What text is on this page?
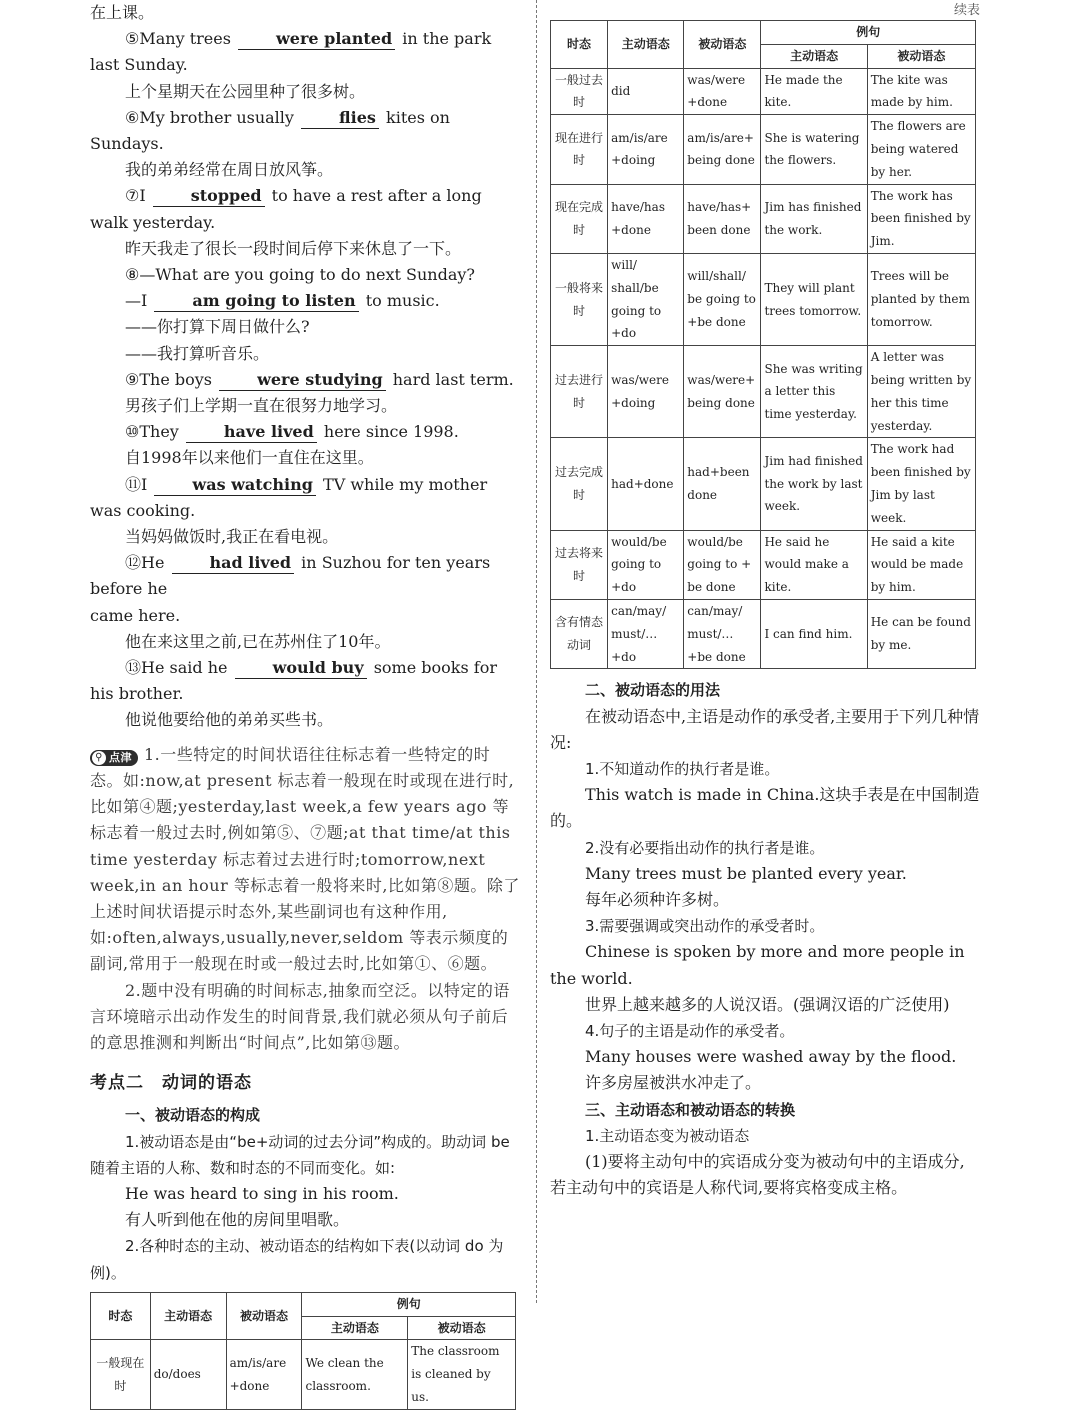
在上课。

⑤Many trees	were planted in the park last Sunday.

上个星期天在公园里种了很多树。

⑥My brother usually	flies kites on Sundays.

我的弟弟经常在周日放风筝。

⑦I	stopped to have a rest after a long walk yesterday.

昨天我走了很长一段时间后停下来休息了一下。

⑧—What are you going to do next Sunday?

—I	am going to listen to music.

——你打算下周日做什么?

——我打算听音乐。

⑨The boys	were studying hard last term.

男孩子们上学期一直在很努力地学习。

⑩They	have lived here since 1998.

自1998年以来他们一直住在这里。

⑪I	was watching TV while my mother was cooking.

当妈妈做饭时,我正在看电视。

⑫He	had lived in Suzhou for ten years before he

came here.

他在来这里之前,已在苏州住了10年。

⑬He said he	would buy some books for his brother.

他说他要给他的弟弟买些书。

⚲ 点津 1.一些特定的时间状语往往标志着一些特定的时态。如:now,at present 标志着一般现在时或现在进行时,比如第④题;yesterday,last week,a few years ago 等标志着一般过去时,例如第⑤、⑦题;at that time/at this time yesterday 标志着过去进行时;tomorrow,next week,in an hour 等标志着一般将来时,比如第⑧题。除了上述时间状语提示时态外,某些副词也有这种作用,如:often,always,usually,never,seldom 等表示频度的副词,常用于一般现在时或一般过去时,比如第①、⑥题。

2.题中没有明确的时间标志,抽象而空泛。以特定的语言环境暗示出动作发生的时间背景,我们就必须从句子前后的意思推测和判断出“时间点”,比如第⑬题。

考点二　动词的语态

一、被动语态的构成

1.被动语态是由“be+动词的过去分词”构成的。助动词 be 随着主语的人称、数和时态的不同而变化。如:

He was heard to sing in his room.

有人听到他在他的房间里唱歌。

2.各种时态的主动、被动语态的结构如下表(以动词 do 为例)。

时态	主动语态	被动语态	例句	
			主动语态	被动语态
一般现在时	do/does	am/is/are +done	We clean the classroom.	The classroom is cleaned by us.
续表
时态	主动语态	被动语态	例句	
			主动语态	被动语态
一般过去时	did	was/were +done	He made the kite.	The kite was made by him.
现在进行时	am/is/are +doing	am/is/are+ being done	She is watering the flowers.	The flowers are being watered by her.
现在完成时	have/has +done	have/has+ been done	Jim has finished the work.	The work has been finished by Jim.
一般将来时	will/ shall/be going to +do	will/shall/ be going to +be done	They will plant trees tomorrow.	Trees will be planted by them tomorrow.
过去进行时	was/were +doing	was/were+ being done	She was writing a letter this time yesterday.	A letter was being written by her this time yesterday.
过去完成时	had+done	had+been done	Jim had finished the work by last week.	The work had been finished by Jim by last week.
过去将来时	would/be going to +do	would/be going to + be done	He said he would make a kite.	He said a kite would be made by him.
含有情态动词	can/may/ must/… +do	can/may/ must/… +be done	I can find him.	He can be found by me.

二、被动语态的用法

在被动语态中,主语是动作的承受者,主要用于下列几种情况:

1.不知道动作的执行者是谁。

This watch is made in China.这块手表是在中国制造的。

2.没有必要指出动作的执行者是谁。

Many trees must be planted every year.

每年必须种许多树。

3.需要强调或突出动作的承受者时。

Chinese is spoken by more and more people in the world.

世界上越来越多的人说汉语。(强调汉语的广泛使用)

4.句子的主语是动作的承受者。

Many houses were washed away by the flood.

许多房屋被洪水冲走了。

三、主动语态和被动语态的转换

1.主动语态变为被动语态

(1)要将主动句中的宾语成分变为被动句中的主语成分,若主动句中的宾语是人称代词,要将宾格变成主格。
